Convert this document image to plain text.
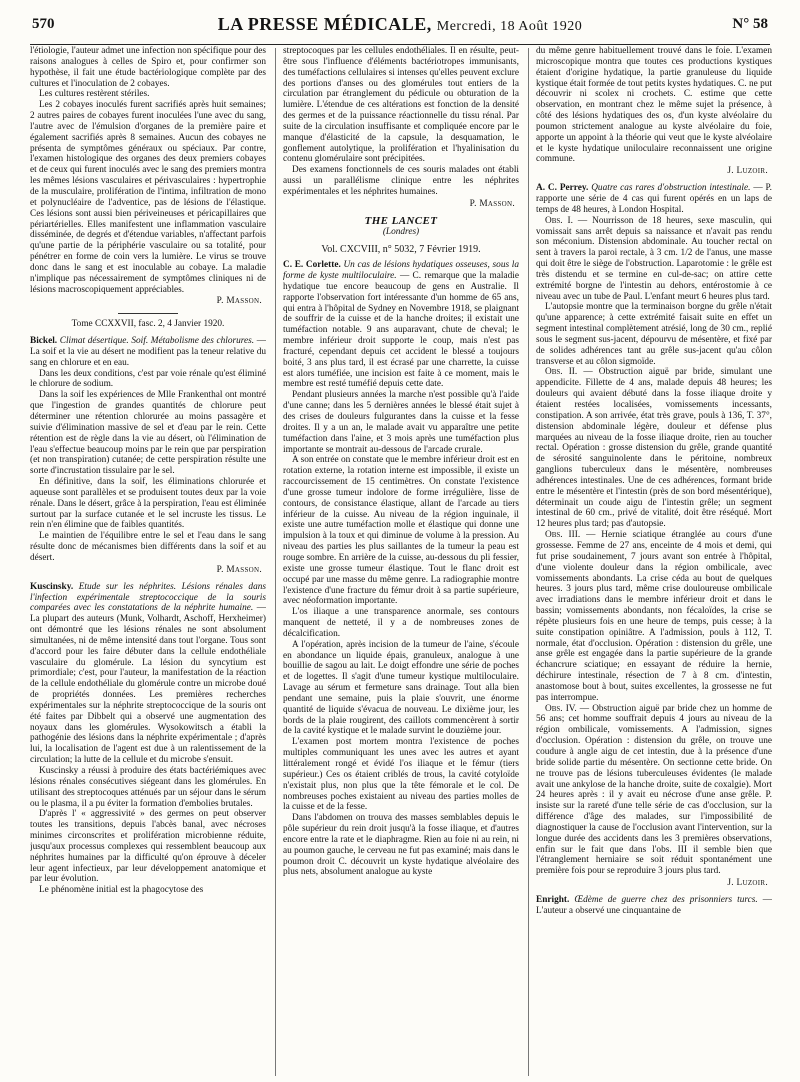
570	LA PRESSE MÉDICALE, Mercredi, 18 Août 1920	N° 58

l'étiologie, l'auteur admet une infection non spécifique pour des raisons analogues à celles de Spiro et, pour confirmer son hypothèse, il fait une étude bactériologique complète par des cultures et l'inoculation de 2 cobayes.

Les cultures restèrent stériles.

Les 2 cobayes inoculés furent sacrifiés après huit semaines; 2 autres paires de cobayes furent inoculées l'une avec du sang, l'autre avec de l'émulsion d'organes de la première paire et également sacrifiés après 8 semaines. Aucun des cobayes ne présenta de symptômes généraux ou spéciaux. Par contre, l'examen histologique des organes des deux premiers cobayes et de ceux qui furent inoculés avec le sang des premiers montra les mêmes lésions vasculaires et périvasculaires : hypertrophie de la musculaire, prolifération de l'intima, infiltration de mono et polynucléaire de l'adventice, pas de lésions de l'élastique. Ces lésions sont aussi bien périveineuses et péricapillaires que périartérielles. Elles manifestent une inflammation vasculaire disséminée, de degrés et d'étendue variables, n'affectant parfois qu'une partie de la périphérie vasculaire ou sa totalité, pour pénétrer en forme de coin vers la lumière. Le virus se trouve donc dans le sang et est inoculable au cobaye. La maladie n'implique pas nécessairement de symptômes cliniques ni de lésions macroscopiquement appréciables.

P. Masson.

Tome CCXXVII, fasc. 2, 4 Janvier 1920.

Bickel. Climat désertique. Soif. Métabolisme des chlorures. — La soif et la vie au désert ne modifient pas la teneur relative du sang en chlorure et en eau.

Dans les deux conditions, c'est par voie rénale qu'est éliminé le chlorure de sodium.

Dans la soif les expériences de Mlle Frankenthal ont montré que l'ingestion de grandes quantités de chlorure peut déterminer une rétention chlorurée au moins passagère et suivie d'élimination massive de sel et d'eau par le rein. Cette rétention est de règle dans la vie au désert, où l'élimination de l'eau s'effectue beaucoup moins par le rein que par perspiration (et non transpiration) cutanée; de cette perspiration résulte une sorte d'incrustation tissulaire par le sel.

En définitive, dans la soif, les éliminations chlorurée et aqueuse sont parallèles et se produisent toutes deux par la voie rénale. Dans le désert, grâce à la perspiration, l'eau est éliminée surtout par la surface cutanée et le sel incruste les tissus. Le rein n'en élimine que de faibles quantités.

Le maintien de l'équilibre entre le sel et l'eau dans le sang résulte donc de mécanismes bien différents dans la soif et au désert.

P. Masson.

Kuscinsky. Etude sur les néphrites. Lésions rénales dans l'infection expérimentale streptococcique de la souris comparées avec les constatations de la néphrite humaine. — La plupart des auteurs (Munk, Volhardt, Aschoff, Herxheimer) ont démontré que les lésions rénales ne sont absolument simultanées, ni de même intensité dans tout l'organe. Tous sont d'accord pour les faire débuter dans la cellule endothéliale vasculaire du glomérule. La lésion du syncytium est primordiale; c'est, pour l'auteur, la manifestation de la réaction de la cellule endothéliale du glomérule contre un microbe doué de propriétés données. Les premières recherches expérimentales sur la néphrite streptococcique de la souris ont été faites par Dibbelt qui a observé une augmentation des noyaux dans les glomérules. Wysokowitsch a établi la pathogénie des lésions dans la néphrite expérimentale ; d'après lui, la localisation de l'agent est due à un ralentissement de la circulation; la lutte de la cellule et du microbe s'ensuit.

Kuscinsky a réussi à produire des états bactériémiques avec lésions rénales consécutives siégeant dans les glomérules. En utilisant des streptocoques atténués par un séjour dans le sérum ou le plasma, il a pu éviter la formation d'embolies brutales.

D'après l' « aggressivité » des germes on peut observer toutes les transitions, depuis l'abcès banal, avec nécroses minimes circonscrites et prolifération microbienne réduite, jusqu'aux processus complexes qui ressemblent beaucoup aux néphrites humaines par la difficulté qu'on éprouve à déceler leur agent infectieux, par leur développement anatomique et par leur évolution.

Le phénomène initial est la phagocytose des

streptocoques par les cellules endothéliales. Il en résulte, peut-être sous l'influence d'éléments bactériotropes immunisants, des tuméfactions cellulaires si intenses qu'elles peuvent exclure des portions d'anses ou des glomérules tout entiers de la circulation par étranglement du pédicule ou obturation de la lumière. L'étendue de ces altérations est fonction de la densité des germes et de la puissance réactionnelle du tissu rénal. Par suite de la circulation insuffisante et compliquée encore par le manque d'élasticité de la capsule, la desquamation, le gonflement autolytique, la prolifération et l'hyalinisation du contenu glomérulaire sont précipitées.

Des examens fonctionnels de ces souris malades ont établi aussi un parallélisme clinique entre les néphrites expérimentales et les néphrites humaines.

P. Masson.

THE LANCET
(Londres)

Vol. CXCVIII, n° 5032, 7 Février 1919.

C. E. Corlette. Un cas de lésions hydatiques osseuses, sous la forme de kyste multiloculaire. — C. remarque que la maladie hydatique tue encore beaucoup de gens en Australie. Il rapporte l'observation fort intéressante d'un homme de 65 ans, qui entra à l'hôpital de Sydney en Novembre 1918, se plaignant de souffrir de la cuisse et de la hanche droites; il existait une tuméfaction notable. 9 ans auparavant, chute de cheval; le membre inférieur droit supporte le coup, mais n'est pas fracturé, cependant depuis cet accident le blessé a toujours boité, 3 ans plus tard, il est écrasé par une charrette, la cuisse est alors tuméfiée, une incision est faite à ce moment, mais le membre est resté tuméfié depuis cette date.

Pendant plusieurs années la marche n'est possible qu'à l'aide d'une canne; dans les 5 dernières années le blessé était sujet à des crises de douleurs fulgurantes dans la cuisse et la fesse droites. Il y a un an, le malade avait vu apparaître une petite tuméfaction dans l'aine, et 3 mois après une tuméfaction plus importante se montrait au-dessous de l'arcade crurale.

A son entrée on constate que le membre inférieur droit est en rotation externe, la rotation interne est impossible, il existe un raccourcissement de 15 centimètres. On constate l'existence d'une grosse tumeur indolore de forme irrégulière, lisse de contours, de consistance élastique, allant de l'arcade au tiers inférieur de la cuisse. Au niveau de la région inguinale, il existe une autre tuméfaction molle et élastique qui donne une impulsion à la toux et qui diminue de volume à la pression. Au niveau des parties les plus saillantes de la tumeur la peau est rouge sombre. En arrière de la cuisse, au-dessous du pli fessier, existe une grosse tumeur élastique. Tout le flanc droit est occupé par une masse du même genre. La radiographie montre l'existence d'une fracture du fémur droit à sa partie supérieure, avec néoformation importante.

L'os iliaque a une transparence anormale, ses contours manquent de netteté, il y a de nombreuses zones de décalcification.

A l'opération, après incision de la tumeur de l'aine, s'écoule en abondance un liquide épais, granuleux, analogue à une bouillie de sagou au lait. Le doigt effondre une série de poches et de logettes. Il s'agit d'une tumeur kystique multiloculaire. Lavage au sérum et fermeture sans drainage. Tout alla bien pendant une semaine, puis la plaie s'ouvrit, une énorme quantité de liquide s'évacua de nouveau. Le dixième jour, les bords de la plaie rougirent, des caillots commencèrent à sortir de la cavité kystique et le malade survint le douzième jour.

L'examen post mortem montra l'existence de poches multiples communiquant les unes avec les autres et ayant littéralement rongé et évidé l'os iliaque et le fémur (tiers supérieur.) Ces os étaient criblés de trous, la cavité cotyloïde n'existait plus, non plus que la tête fémorale et le col. De nombreuses poches existaient au niveau des parties molles de la cuisse et de la fesse.

Dans l'abdomen on trouva des masses semblables depuis le pôle supérieur du rein droit jusqu'à la fosse iliaque, et d'autres encore entre la rate et le diaphragme. Rien au foie ni au rein, ni au poumon gauche, le cerveau ne fut pas examiné; mais dans le poumon droit C. découvrit un kyste hydatique alvéolaire des plus nets, absolument analogue au kyste

du même genre habituellement trouvé dans le foie. L'examen microscopique montra que toutes ces productions kystiques étaient d'origine hydatique, la partie granuleuse du liquide kystique était formée de tout petits kystes hydatiques. C. ne put découvrir ni scolex ni crochets. C. estime que cette observation, en montrant chez le même sujet la présence, à côté des lésions hydatiques des os, d'un kyste alvéolaire du poumon strictement analogue au kyste alvéolaire du foie, apporte un appoint à la théorie qui veut que le kyste alvéolaire et le kyste hydatique uniloculaire reconnaissent une origine commune.

J. Luzoir.

A. C. Perrey. Quatre cas rares d'obstruction intestinale. — P. rapporte une série de 4 cas qui furent opérés en un laps de temps de 48 heures, à London Hospital.

Obs. I. — Nourrisson de 18 heures, sexe masculin, qui vomissait sans arrêt depuis sa naissance et n'avait pas rendu son méconium. Distension abdominale. Au toucher rectal on sent à travers la paroi rectale, à 3 cm. 1/2 de l'anus, une masse qui doit être le siège de l'obstruction. Laparotomie : le grêle est très distendu et se termine en cul-de-sac; on attire cette extrémité borgne de l'intestin au dehors, entérostomie à ce niveau avec un tube de Paul. L'enfant meurt 6 heures plus tard.

L'autopsie montre que la terminaison borgne du grêle n'était qu'une apparence; à cette extrémité faisait suite en effet un segment intestinal complètement atrésié, long de 30 cm., replié sous le segment sus-jacent, dépourvu de mésentère, et fixé par de solides adhérences tant au grêle sus-jacent qu'au côlon transverse et au côlon sigmoïde.

Obs. II. — Obstruction aiguë par bride, simulant une appendicite. Fillette de 4 ans, malade depuis 48 heures; les douleurs qui avaient débuté dans la fosse iliaque droite y étaient restées localisées, vomissements incessants, constipation. A son arrivée, état très grave, pouls à 136, T. 37°, distension abdominale légère, douleur et défense plus marquées au niveau de la fosse iliaque droite, rien au toucher rectal. Opération : grosse distension du grêle, grande quantité de sérosité sanguinolente dans le péritoine, nombreux ganglions tuberculeux dans le mésentère, nombreuses adhérences intestinales. Une de ces adhérences, formant bride entre le mésentère et l'intestin (près de son bord mésentérique), déterminait un coude aigu de l'intestin grêle; un segment intestinal de 60 cm., privé de vitalité, doit être réséqué. Mort 12 heures plus tard; pas d'autopsie.

Obs. III. — Hernie sciatique étranglée au cours d'une grossesse. Femme de 27 ans, enceinte de 4 mois et demi, qui fut prise soudainement, 7 jours avant son entrée à l'hôpital, d'une violente douleur dans la région ombilicale, avec vomissements abondants. La crise céda au bout de quelques heures. 3 jours plus tard, même crise douloureuse ombilicale avec irradiations dans le membre inférieur droit et dans le bassin; vomissements abondants, non fécaloïdes, la crise se répète plusieurs fois en une heure de temps, puis cesse; à la suite constipation opiniâtre. A l'admission, pouls à 112, T. normale, état d'occlusion. Opération : distension du grêle, une anse grêle est engagée dans la partie supérieure de la grande échancrure sciatique; en essayant de réduire la hernie, déchirure intestinale, résection de 7 à 8 cm. d'intestin, anastomose bout à bout, suites excellentes, la grossesse ne fut pas interrompue.

Obs. IV. — Obstruction aiguë par bride chez un homme de 56 ans; cet homme souffrait depuis 4 jours au niveau de la région ombilicale, vomissements. A l'admission, signes d'occlusion. Opération : distension du grêle, on trouve une coudure à angle aigu de cet intestin, due à la présence d'une bride solide partie du mésentère. On sectionne cette bride. On ne trouve pas de lésions tuberculeuses évidentes (le malade avait une ankylose de la hanche droite, suite de coxalgie). Mort 24 heures après : il y avait eu nécrose d'une anse grêle. P. insiste sur la rareté d'une telle série de cas d'occlusion, sur la différence d'âge des malades, sur l'impossibilité de diagnostiquer la cause de l'occlusion avant l'intervention, sur la longue durée des accidents dans les 3 premières observations, enfin sur le fait que dans l'obs. III il semble bien que l'étranglement herniaire se soit réduit spontanément une première fois pour se reproduire 3 jours plus tard.

J. Luzoir.

Enright. Œdème de guerre chez des prisonniers turcs. — L'auteur a observé une cinquantaine de
